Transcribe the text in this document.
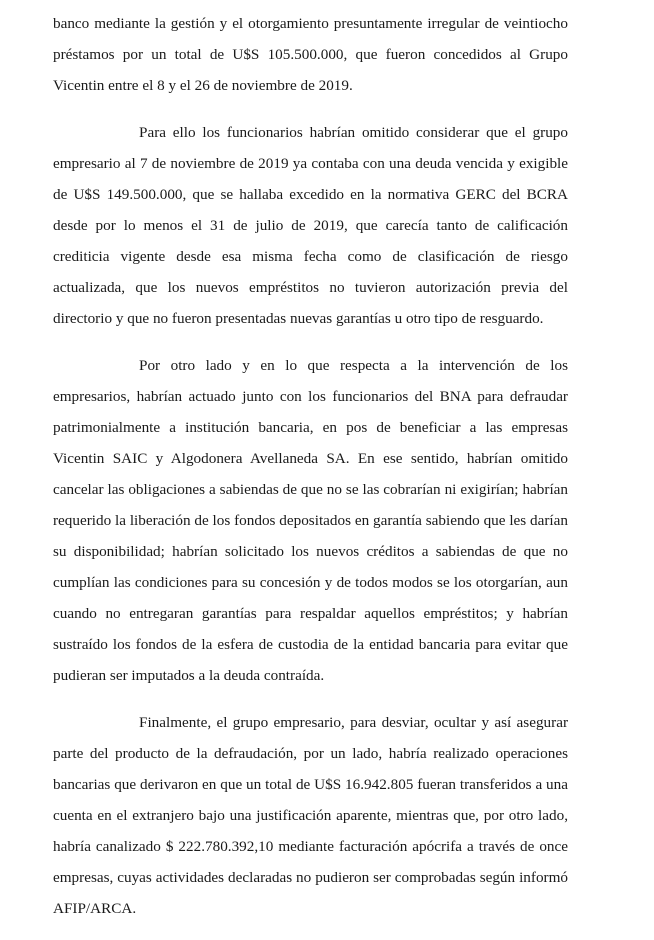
banco mediante la gestión y el otorgamiento presuntamente irregular de veintiocho préstamos por un total de U$S 105.500.000, que fueron concedidos al Grupo Vicentin entre el 8 y el 26 de noviembre de 2019.

Para ello los funcionarios habrían omitido considerar que el grupo empresario al 7 de noviembre de 2019 ya contaba con una deuda vencida y exigible de U$S 149.500.000, que se hallaba excedido en la normativa GERC del BCRA desde por lo menos el 31 de julio de 2019, que carecía tanto de calificación crediticia vigente desde esa misma fecha como de clasificación de riesgo actualizada, que los nuevos empréstitos no tuvieron autorización previa del directorio y que no fueron presentadas nuevas garantías u otro tipo de resguardo.

Por otro lado y en lo que respecta a la intervención de los empresarios, habrían actuado junto con los funcionarios del BNA para defraudar patrimonialmente a institución bancaria, en pos de beneficiar a las empresas Vicentin SAIC y Algodonera Avellaneda SA. En ese sentido, habrían omitido cancelar las obligaciones a sabiendas de que no se las cobrarían ni exigirían; habrían requerido la liberación de los fondos depositados en garantía sabiendo que les darían su disponibilidad; habrían solicitado los nuevos créditos a sabiendas de que no cumplían las condiciones para su concesión y de todos modos se los otorgarían, aun cuando no entregaran garantías para respaldar aquellos empréstitos; y habrían sustraído los fondos de la esfera de custodia de la entidad bancaria para evitar que pudieran ser imputados a la deuda contraída.

Finalmente, el grupo empresario, para desviar, ocultar y así asegurar parte del producto de la defraudación, por un lado, habría realizado operaciones bancarias que derivaron en que un total de U$S 16.942.805 fueran transferidos a una cuenta en el extranjero bajo una justificación aparente, mientras que, por otro lado, habría canalizado $ 222.780.392,10 mediante facturación apócrifa a través de once empresas, cuyas actividades declaradas no pudieron ser comprobadas según informó AFIP/ARCA.
